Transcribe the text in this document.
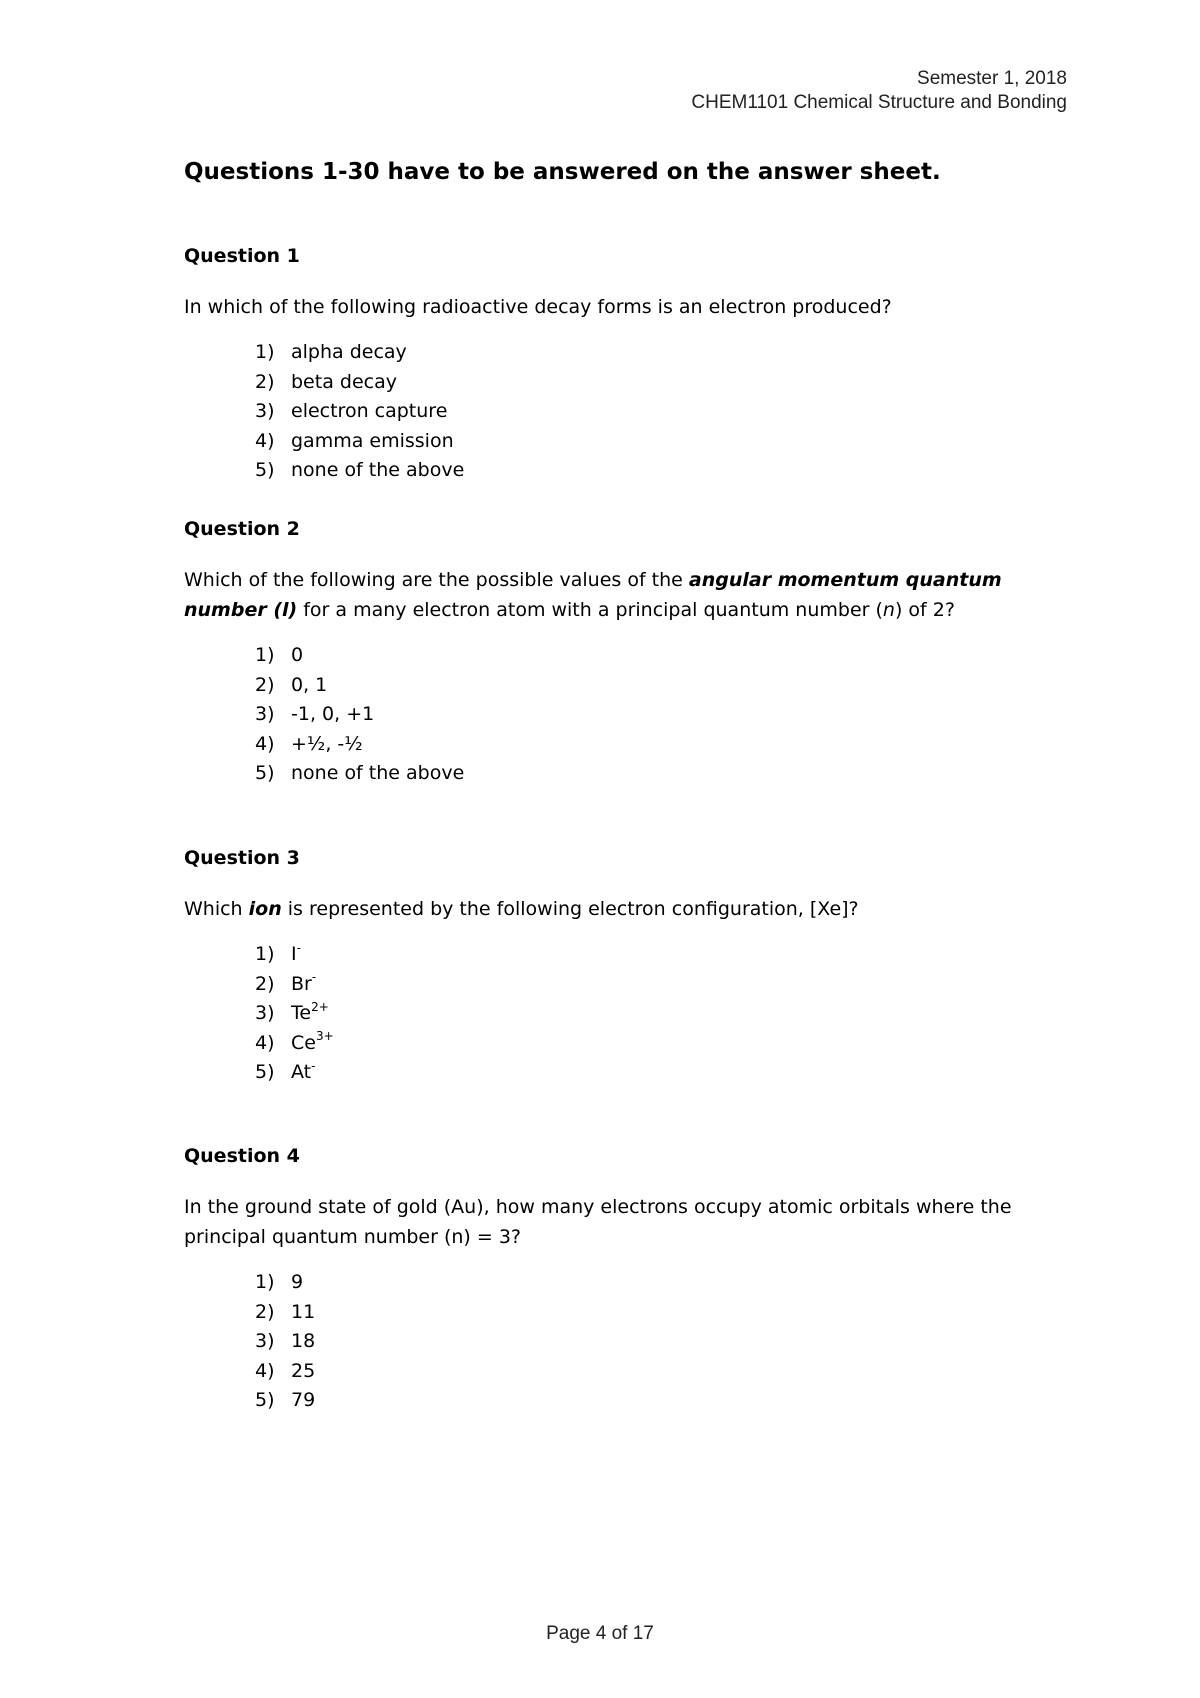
Semester 1, 2018
CHEM1101 Chemical Structure and Bonding
Questions 1-30 have to be answered on the answer sheet.
Question 1
In which of the following radioactive decay forms is an electron produced?
1) alpha decay
2) beta decay
3) electron capture
4) gamma emission
5) none of the above
Question 2
Which of the following are the possible values of the angular momentum quantum number (l) for a many electron atom with a principal quantum number (n) of 2?
1) 0
2) 0, 1
3) -1, 0, +1
4) +½, -½
5) none of the above
Question 3
Which ion is represented by the following electron configuration, [Xe]?
1) I-
2) Br-
3) $Te^{2+}$
4) $Ce^{3+}$
5) At-
Question 4
In the ground state of gold (Au), how many electrons occupy atomic orbitals where the principal quantum number (n) = 3?
1) 9
2) 11
3) 18
4) 25
5) 79
Page 4 of 17
